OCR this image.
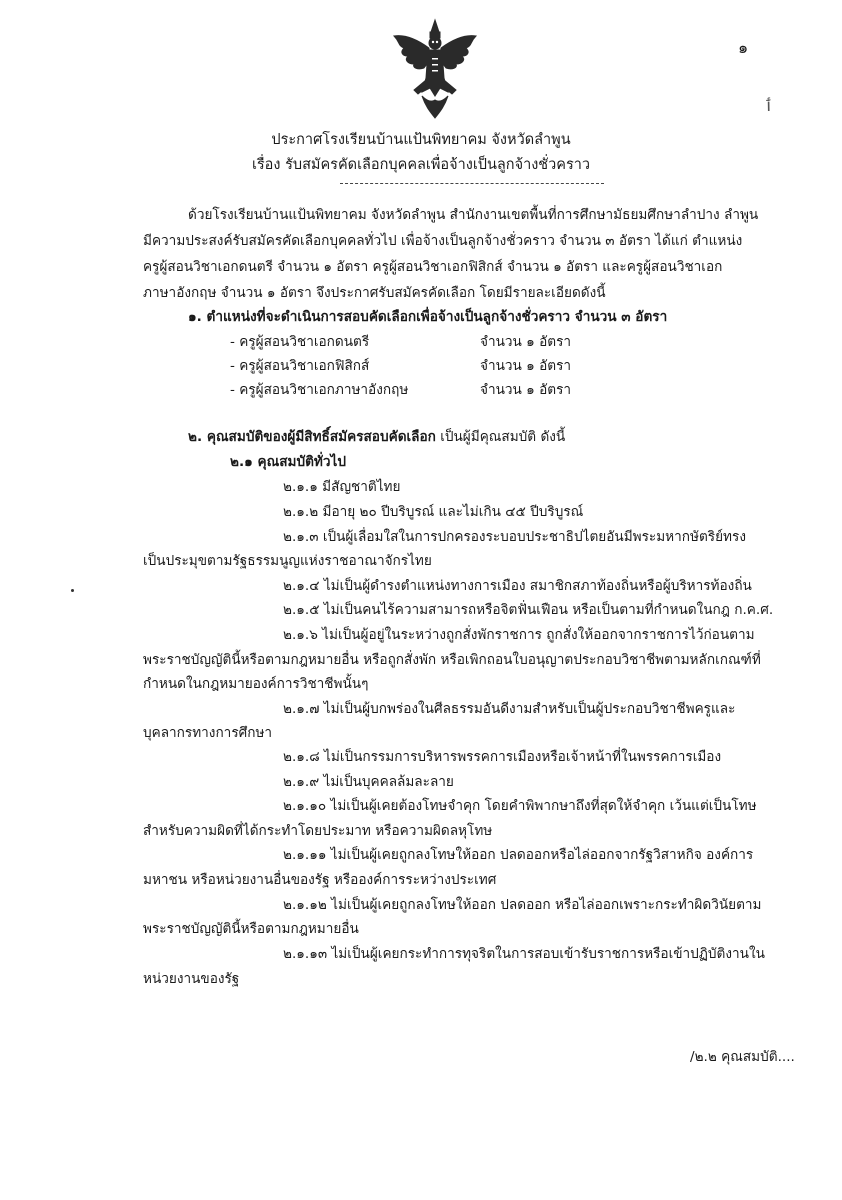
๑
ٲ
ประกาศโรงเรียนบ้านแป้นพิทยาคม จังหวัดลำพูน
เรื่อง รับสมัครคัดเลือกบุคคลเพื่อจ้างเป็นลูกจ้างชั่วคราว
ด้วยโรงเรียนบ้านแป้นพิทยาคม จังหวัดลำพูน สำนักงานเขตพื้นที่การศึกษามัธยมศึกษาลำปาง ลำพูน
มีความประสงค์รับสมัครคัดเลือกบุคคลทั่วไป เพื่อจ้างเป็นลูกจ้างชั่วคราว จำนวน ๓ อัตรา ได้แก่ ตำแหน่ง
ครูผู้สอนวิชาเอกดนตรี จำนวน ๑ อัตรา ครูผู้สอนวิชาเอกฟิสิกส์ จำนวน ๑ อัตรา และครูผู้สอนวิชาเอก
ภาษาอังกฤษ จำนวน ๑ อัตรา จึงประกาศรับสมัครคัดเลือก โดยมีรายละเอียดดังนี้
๑. ตำแหน่งที่จะดำเนินการสอบคัดเลือกเพื่อจ้างเป็นลูกจ้างชั่วคราว จำนวน ๓ อัตรา
- ครูผู้สอนวิชาเอกดนตรี	จำนวน ๑ อัตรา
- ครูผู้สอนวิชาเอกฟิสิกส์	จำนวน ๑ อัตรา
- ครูผู้สอนวิชาเอกภาษาอังกฤษ	จำนวน ๑ อัตรา
๒. คุณสมบัติของผู้มีสิทธิ์สมัครสอบคัดเลือก เป็นผู้มีคุณสมบัติ ดังนี้
๒.๑ คุณสมบัติทั่วไป
๒.๑.๑ มีสัญชาติไทย
๒.๑.๒ มีอายุ ๒๐ ปีบริบูรณ์ และไม่เกิน ๔๕ ปีบริบูรณ์
๒.๑.๓ เป็นผู้เลื่อมใสในการปกครองระบอบประชาธิปไตยอันมีพระมหากษัตริย์ทรง
เป็นประมุขตามรัฐธรรมนูญแห่งราชอาณาจักรไทย
๒.๑.๔ ไม่เป็นผู้ดำรงตำแหน่งทางการเมือง สมาชิกสภาท้องถิ่นหรือผู้บริหารท้องถิ่น
๒.๑.๕ ไม่เป็นคนไร้ความสามารถหรือจิตฟั่นเฟือน หรือเป็นตามที่กำหนดในกฎ ก.ค.ศ.
๒.๑.๖ ไม่เป็นผู้อยู่ในระหว่างถูกสั่งพักราชการ ถูกสั่งให้ออกจากราชการไว้ก่อนตาม
พระราชบัญญัตินี้หรือตามกฎหมายอื่น หรือถูกสั่งพัก หรือเพิกถอนใบอนุญาตประกอบวิชาชีพตามหลักเกณฑ์ที่
กำหนดในกฎหมายองค์การวิชาชีพนั้นๆ
๒.๑.๗ ไม่เป็นผู้บกพร่องในศีลธรรมอันดีงามสำหรับเป็นผู้ประกอบวิชาชีพครูและ
บุคลากรทางการศึกษา
๒.๑.๘ ไม่เป็นกรรมการบริหารพรรคการเมืองหรือเจ้าหน้าที่ในพรรคการเมือง
๒.๑.๙ ไม่เป็นบุคคลล้มละลาย
๒.๑.๑๐ ไม่เป็นผู้เคยต้องโทษจำคุก โดยคำพิพากษาถึงที่สุดให้จำคุก เว้นแต่เป็นโทษ
สำหรับความผิดที่ได้กระทำโดยประมาท หรือความผิดลหุโทษ
๒.๑.๑๑ ไม่เป็นผู้เคยถูกลงโทษให้ออก ปลดออกหรือไล่ออกจากรัฐวิสาหกิจ องค์การ
มหาชน หรือหน่วยงานอื่นของรัฐ หรือองค์การระหว่างประเทศ
๒.๑.๑๒ ไม่เป็นผู้เคยถูกลงโทษให้ออก ปลดออก หรือไล่ออกเพราะกระทำผิดวินัยตาม
พระราชบัญญัตินี้หรือตามกฎหมายอื่น
๒.๑.๑๓ ไม่เป็นผู้เคยกระทำการทุจริตในการสอบเข้ารับราชการหรือเข้าปฏิบัติงานใน
หน่วยงานของรัฐ
/๒.๒ คุณสมบัติ....
